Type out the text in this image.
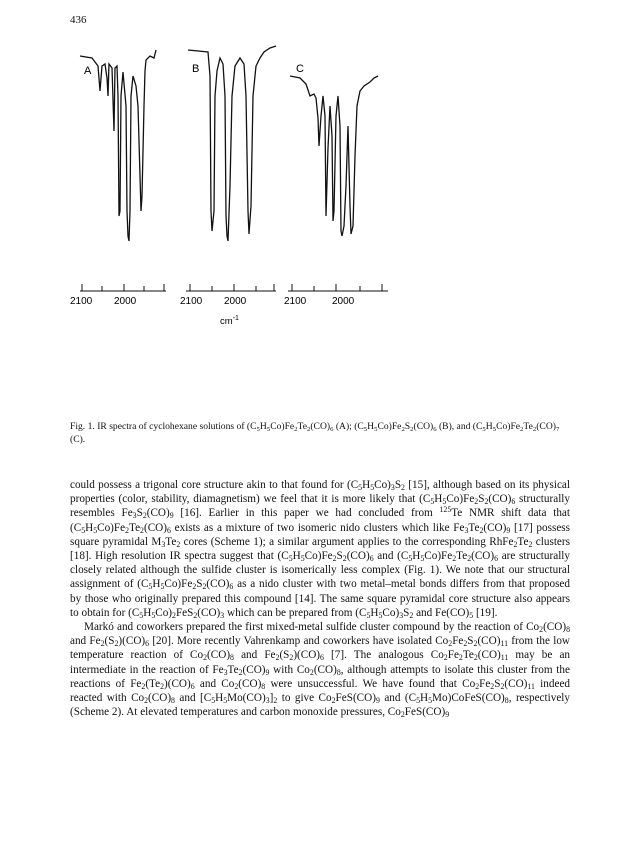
436
A	B	C
2100 2000	2100 2000	2100	2000
$cm^{-1}$
Fig. 1. IR spectra of cyclohexane solutions of $(C_5H_5Co)Fe_2Te_2(CO)_6$ (A); $(C_5H_5Co)Fe_2S_2(CO)_6$ (B), and $(C_5H_5Co)Fe_2Te_2(CO)_7$ (C).

could possess a trigonal core structure akin to that found for $(C_5H_5Co)_3S_2$ [15], although based on its physical properties (color, stability, diamagnetism) we feel that it is more likely that $(C_5H_5Co)Fe_2S_2(CO)_6$ structurally resembles $Fe_3S_2(CO)_9$ [16]. Earlier in this paper we had concluded from $^{125}$Te NMR shift data that $(C_5H_5Co)Fe_2Te_2(CO)_6$ exists as a mixture of two isomeric nido clusters which like $Fe_3Te_2(CO)_9$ [17] possess square pyramidal $M_3Te_2$ cores (Scheme 1); a similar argument applies to the corresponding $RhFe_2Te_2$ clusters [18]. High resolution IR spectra suggest that $(C_5H_5Co)Fe_2S_2(CO)_6$ and $(C_5H_5Co)Fe_2Te_2(CO)_6$ are structurally closely related although the sulfide cluster is isomerically less complex (Fig. 1). We note that our structural assignment of $(C_5H_5Co)Fe_2S_2(CO)_6$ as a nido cluster with two metal–metal bonds differs from that proposed by those who originally prepared this compound [14]. The same square pyramidal core structure also appears to obtain for $(C_5H_5Co)_2FeS_2(CO)_3$ which can be prepared from $(C_5H_5Co)_3S_2$ and $Fe(CO)_5$ [19].

Markó and coworkers prepared the first mixed-metal sulfide cluster compound by the reaction of $Co_2(CO)_8$ and $Fe_2(S_2)(CO)_6$ [20]. More recently Vahrenkamp and coworkers have isolated $Co_2Fe_2S_2(CO)_{11}$ from the low temperature reaction of $Co_2(CO)_8$ and $Fe_2(S_2)(CO)_6$ [7]. The analogous $Co_2Fe_2Te_2(CO)_{11}$ may be an intermediate in the reaction of $Fe_3Te_2(CO)_9$ with $Co_2(CO)_8$, although attempts to isolate this cluster from the reactions of $Fe_2(Te_2)(CO)_6$ and $Co_2(CO)_8$ were unsuccessful. We have found that $Co_2Fe_2S_2(CO)_{11}$ indeed reacted with $Co_2(CO)_8$ and $[C_5H_5Mo(CO)_3]_2$ to give $Co_2FeS(CO)_9$ and $(C_5H_5Mo)CoFeS(CO)_8$, respectively (Scheme 2). At elevated temperatures and carbon monoxide pressures, $Co_2FeS(CO)_9$
